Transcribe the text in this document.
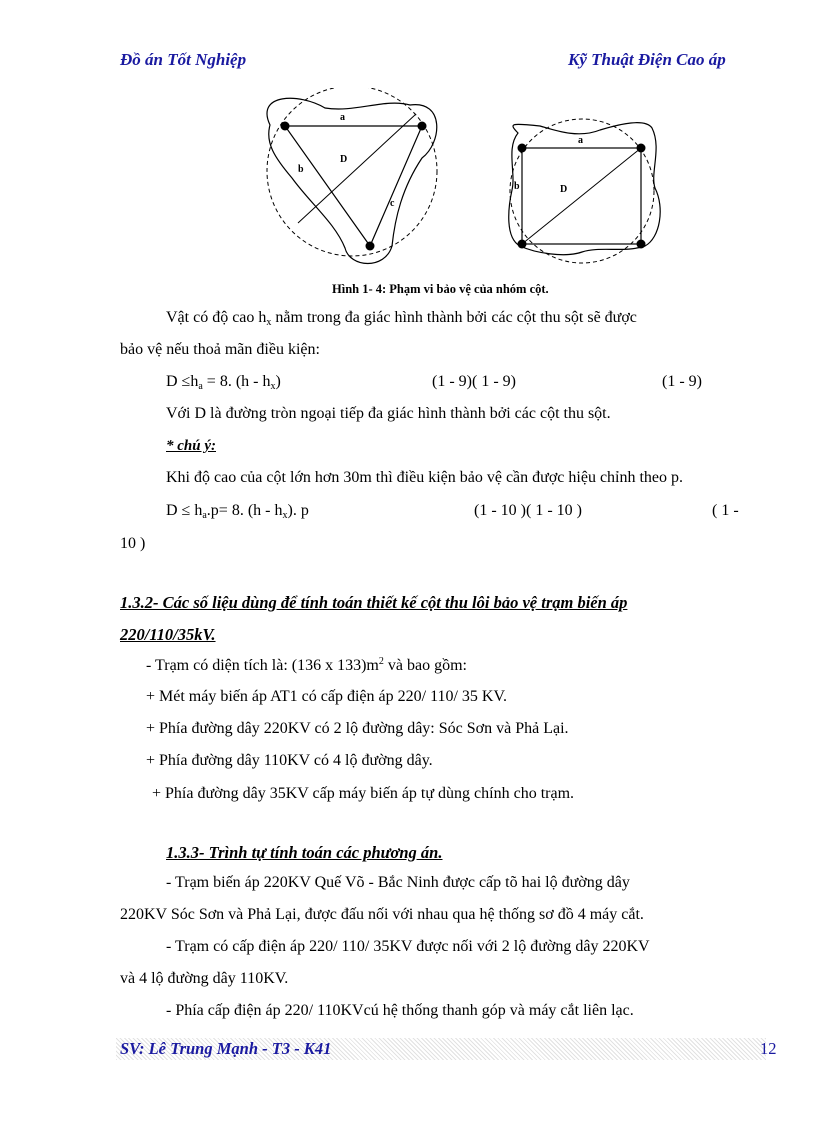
Đồ án Tốt Nghiệp	Kỹ Thuật Điện Cao áp
a
b
c
D
a
b	D
Hình 1- 4: Phạm vi bảo vệ của nhóm cột.
Vật có độ cao $h_x$ nằm trong đa giác hình thành bởi các cột thu sột sẽ được
bảo vệ nếu thoả mãn điều kiện:
$D \le h_a = 8$. $(h - h_x)$	(1 - 9)( 1 - 9)	(1 - 9)
Với D là đường tròn ngoại tiếp đa giác hình thành bởi các cột thu sột.
* chú ý:
Khi độ cao của cột lớn hơn 30m thì điều kiện bảo vệ cần được hiệu chỉnh theo p.
$D \le h_a.p= 8$. $(h - h_x)$. p	(1 - 10 )( 1 - 10 )	( 1 -
10 )
1.3.2- Các số liệu dùng để tính toán thiết kế cột thu lôi bảo vệ trạm biến áp
220/110/35kV.
- Trạm có diện tích là: (136 x $133)m^2$ và bao gồm:
+ Mét máy biến áp AT1 có cấp điện áp 220/ 110/ 35 KV.
+ Phía đường dây 220KV có 2 lộ đường dây: Sóc Sơn và Phả Lại.
+ Phía đường dây 110KV có 4 lộ đường dây.
+ Phía đường dây 35KV cấp máy biến áp tự dùng chính cho trạm.
1.3.3- Trình tự tính toán các phương án.
- Trạm biến áp 220KV Quế Võ - Bắc Ninh được cấp tõ hai lộ đường dây
220KV Sóc Sơn và Phả Lại, được đấu nối với nhau qua hệ thống sơ đồ 4 máy cắt.
- Trạm có cấp điện áp 220/ 110/ 35KV được nối với 2 lộ đường dây 220KV
và 4 lộ đường dây 110KV.
- Phía cấp điện áp 220/ 110KVcú hệ thống thanh góp và máy cắt liên lạc.
SV: Lê Trung Mạnh - T3 - K41	12
